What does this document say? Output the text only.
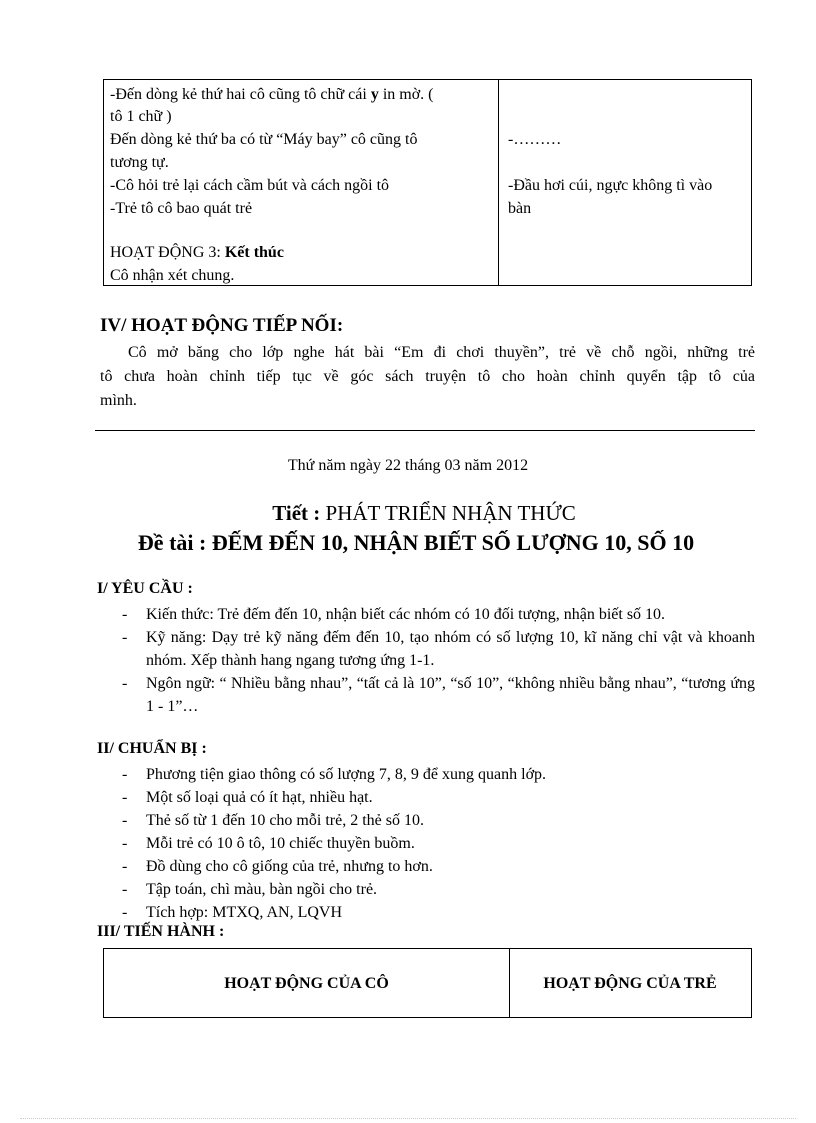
-Đến dòng kẻ thứ hai cô cũng tô chữ cái y in mờ. (
tô 1 chữ )
Đến dòng kẻ thứ ba có từ “Máy bay” cô cũng tô
tương tự.
-Cô hỏi trẻ lại cách cầm bút và cách ngồi tô
-Trẻ tô cô bao quát trẻ
HOẠT ĐỘNG 3: Kết thúc
Cô nhận xét chung.
-………
-Đầu hơi cúi, ngực không tì vào
bàn
IV/ HOẠT ĐỘNG TIẾP NỐI:
Cô mở băng cho lớp nghe hát bài “Em đi chơi thuyền”, trẻ về chỗ ngồi, những trẻ
tô chưa hoàn chỉnh tiếp tục về góc sách truyện tô cho hoàn chỉnh quyển tập tô của
mình.
Thứ năm ngày 22 tháng 03 năm 2012
Tiết : PHÁT TRIỂN NHẬN THỨC
Đề tài : ĐẾM ĐẾN 10, NHẬN BIẾT SỐ LƯỢNG 10, SỐ 10
I/ YÊU CẦU :
- Kiến thức: Trẻ đếm đến 10, nhận biết các nhóm có 10 đối tượng, nhận biết số 10.
- Kỹ năng: Dạy trẻ kỹ năng đếm đến 10, tạo nhóm có số lượng 10, kĩ năng chỉ vật và khoanh nhóm. Xếp thành hang ngang tương ứng 1-1.
- Ngôn ngữ: “ Nhiều bằng nhau”, “tất cả là 10”, “số 10”, “không nhiều bằng nhau”, “tương ứng 1 - 1”…
II/ CHUẨN BỊ :
- Phương tiện giao thông có số lượng 7, 8, 9 để xung quanh lớp.
- Một số loại quả có ít hạt, nhiều hạt.
- Thẻ số từ 1 đến 10 cho mỗi trẻ, 2 thẻ số 10.
- Mỗi trẻ có 10 ô tô, 10 chiếc thuyền buồm.
- Đồ dùng cho cô giống của trẻ, nhưng to hơn.
- Tập toán, chì màu, bàn ngồi cho trẻ.
- Tích hợp: MTXQ, AN, LQVH
III/ TIẾN HÀNH :
HOẠT ĐỘNG CỦA CÔ	HOẠT ĐỘNG CỦA TRẺ
